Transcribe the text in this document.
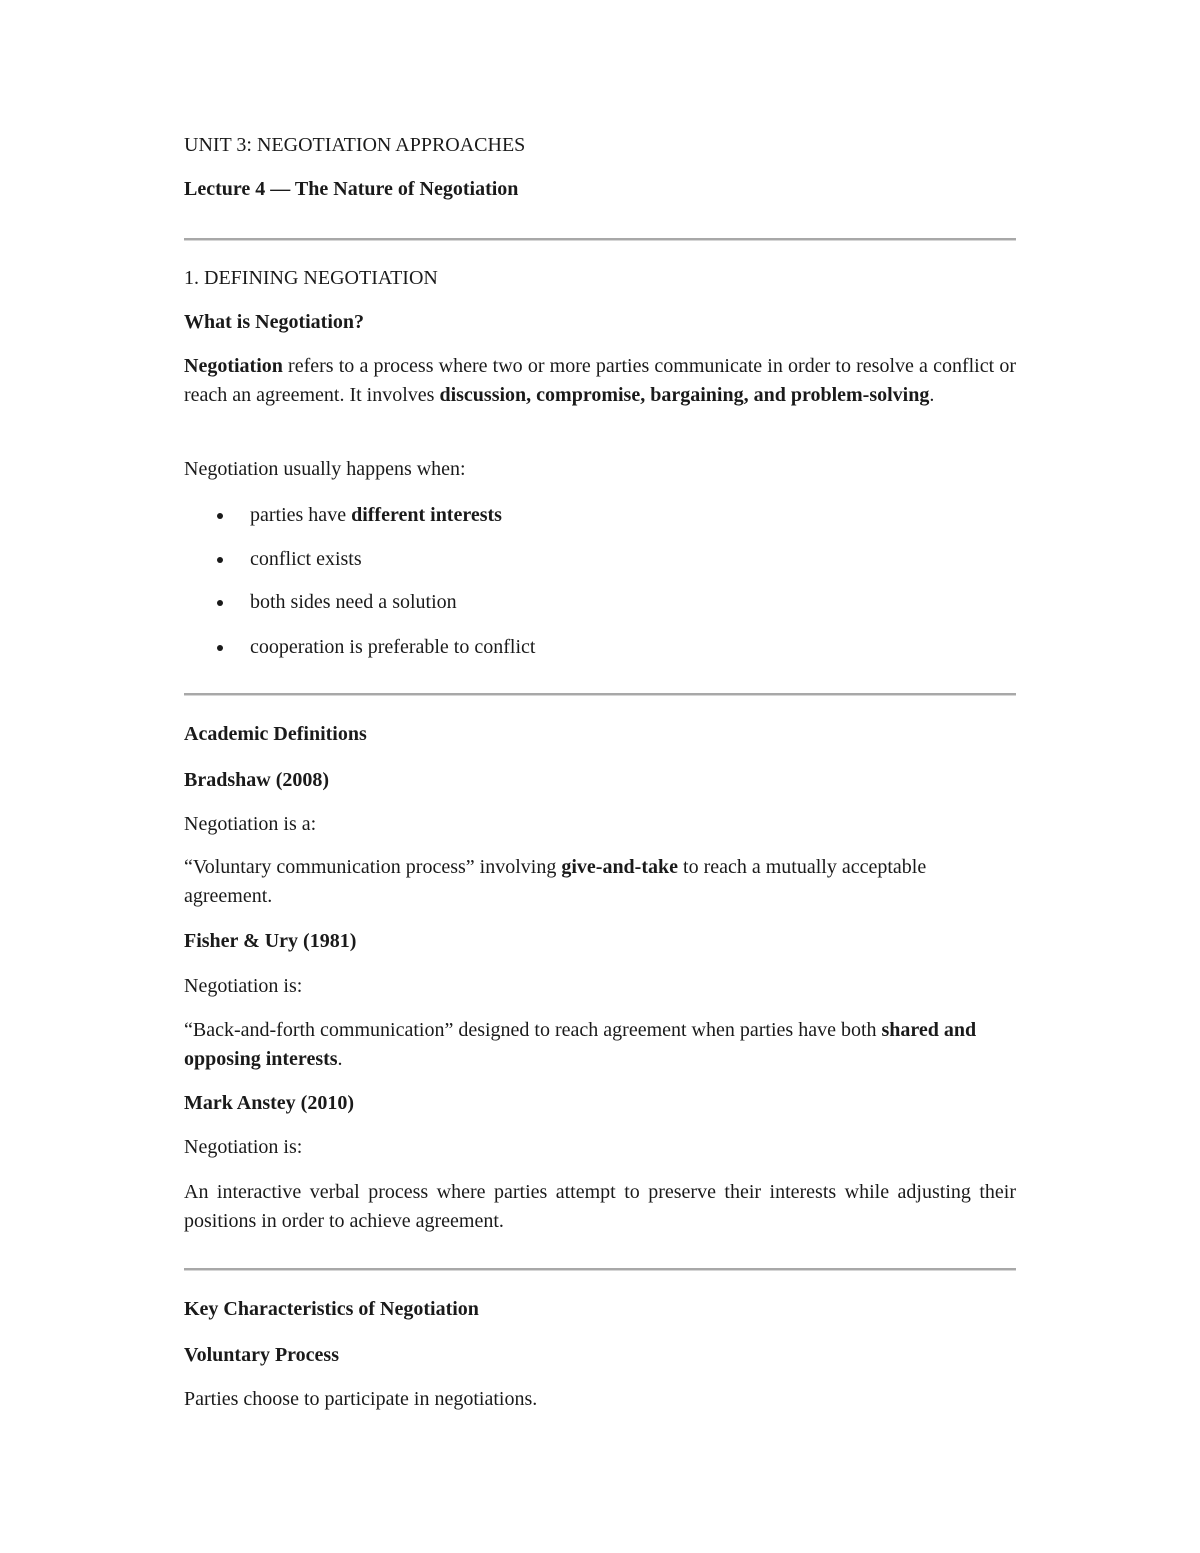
UNIT 3: NEGOTIATION APPROACHES

Lecture 4 — The Nature of Negotiation

1. DEFINING NEGOTIATION

What is Negotiation?

Negotiation refers to a process where two or more parties communicate in order to resolve a conflict or reach an agreement. It involves discussion, compromise, bargaining, and problem-solving.

Negotiation usually happens when:

parties have different interests
conflict exists
both sides need a solution
cooperation is preferable to conflict

Academic Definitions

Bradshaw (2008)

Negotiation is a:

“Voluntary communication process” involving give-and-take to reach a mutually acceptable agreement.

Fisher & Ury (1981)

Negotiation is:

“Back-and-forth communication” designed to reach agreement when parties have both shared and opposing interests.

Mark Anstey (2010)

Negotiation is:

An interactive verbal process where parties attempt to preserve their interests while adjusting their positions in order to achieve agreement.

Key Characteristics of Negotiation

Voluntary Process

Parties choose to participate in negotiations.
